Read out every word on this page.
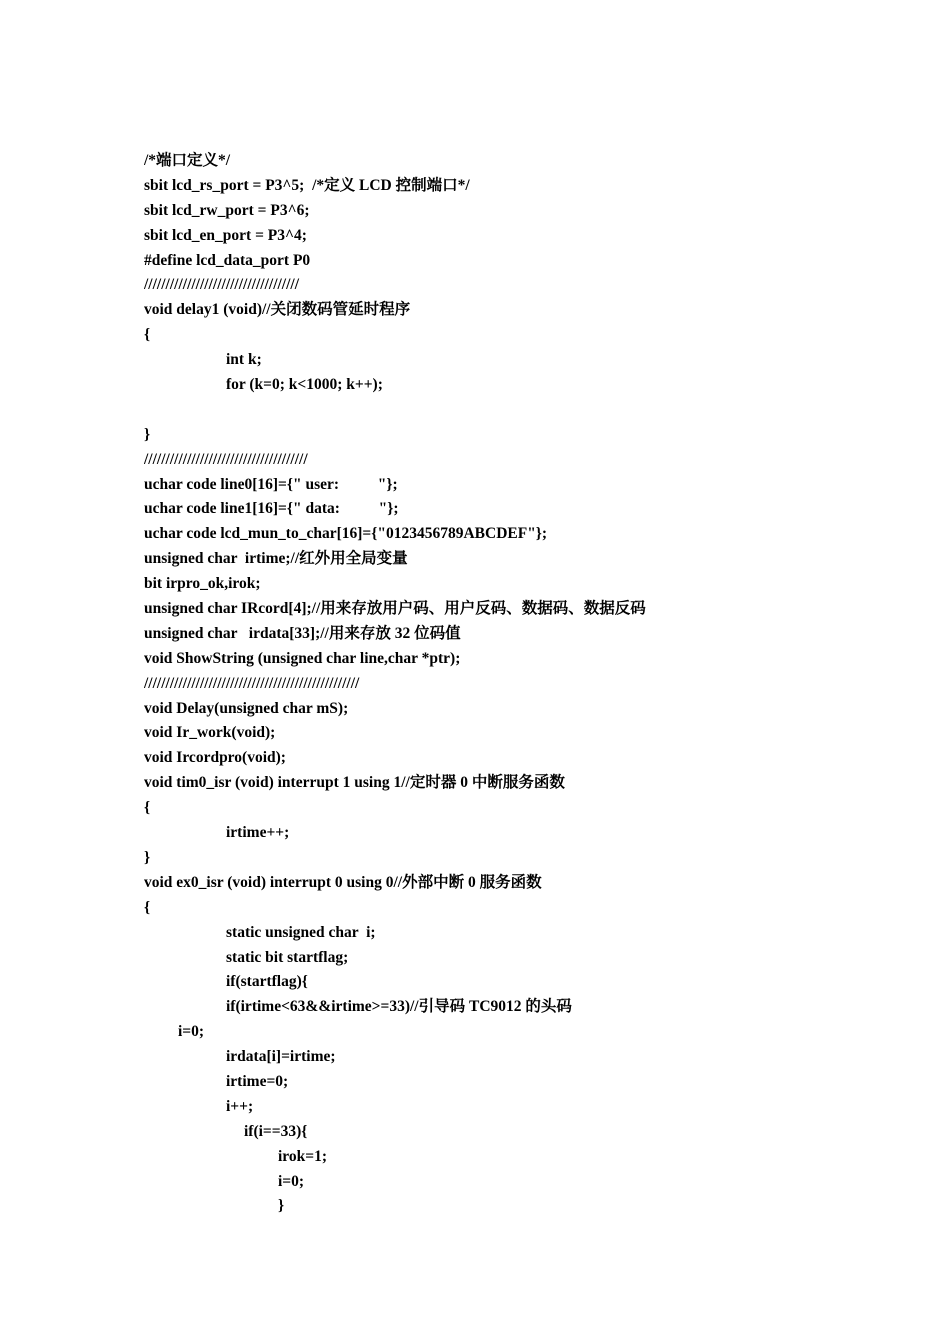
/*端口定义*/
sbit lcd_rs_port = P3^5;  /*定义 LCD 控制端口*/
sbit lcd_rw_port = P3^6;
sbit lcd_en_port = P3^4;
#define lcd_data_port P0
////////////////////////////////////
void delay1 (void)//关闭数码管延时程序
{
int k;
for (k=0; k<1000; k++);
}
//////////////////////////////////////
uchar code line0[16]={" user:          "};
uchar code line1[16]={" data:          "};
uchar code lcd_mun_to_char[16]={"0123456789ABCDEF"};
unsigned char  irtime;//红外用全局变量
bit irpro_ok,irok;
unsigned char IRcord[4];//用来存放用户码、用户反码、数据码、数据反码
unsigned char   irdata[33];//用来存放 32 位码值
void ShowString (unsigned char line,char *ptr);
//////////////////////////////////////////////////
void Delay(unsigned char mS);
void Ir_work(void);
void Ircordpro(void);
void tim0_isr (void) interrupt 1 using 1//定时器 0 中断服务函数
{
irtime++;
}
void ex0_isr (void) interrupt 0 using 0//外部中断 0 服务函数
{
static unsigned char  i;
static bit startflag;
if(startflag){
if(irtime<63&&irtime>=33)//引导码 TC9012 的头码
i=0;
irdata[i]=irtime;
irtime=0;
i++;
if(i==33){
irok=1;
i=0;
}
